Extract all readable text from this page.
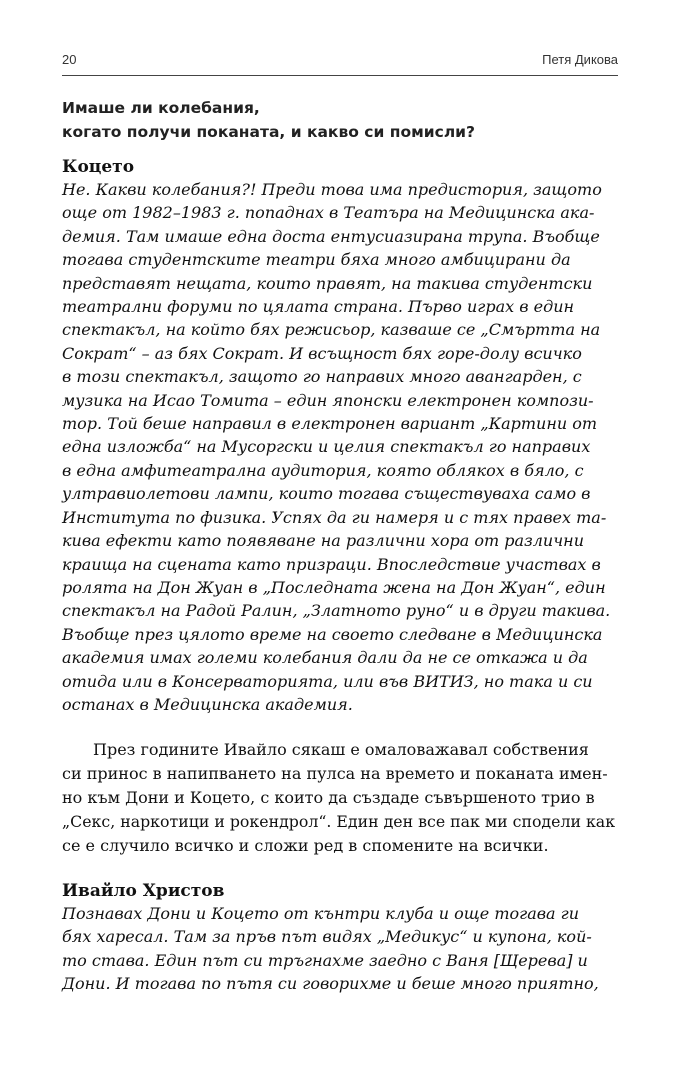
20	Петя Дикова
Имаше ли колебания,
когато получи поканата, и какво си помисли?
Коцето
Не. Какви колебания?! Преди това има предистория, защото
още от 1982–1983 г. попаднах в Театъра на Медицинска ака-
демия. Там имаше една доста ентусиазирана трупа. Въобще
тогава студентските театри бяха много амбицирани да
представят нещата, които правят, на такива студентски
театрални форуми по цялата страна. Първо играх в един
спектакъл, на който бях режисьор, казваше се „Смъртта на
Сократ“ – аз бях Сократ. И всъщност бях горе-долу всичко
в този спектакъл, защото го направих много авангарден, с
музика на Исао Томита – един японски електронен компози-
тор. Той беше направил в електронен вариант „Картини от
една изложба“ на Мусоргски и целия спектакъл го направих
в една амфитеатрална аудитория, която облякох в бяло, с
ултравиолетови лампи, които тогава съществуваха само в
Института по физика. Успях да ги намеря и с тях правех та-
кива ефекти като появяване на различни хора от различни
краища на сцената като призраци. Впоследствие участвах в
ролята на Дон Жуан в „Последната жена на Дон Жуан“, един
спектакъл на Радой Ралин, „Златното руно“ и в други такива.
Въобще през цялото време на своето следване в Медицинска
академия имах големи колебания дали да не се откажа и да
отида или в Консерваторията, или във ВИТИЗ, но така и си
останах в Медицинска академия.
През годините Ивайло сякаш е омаловажавал собствения
си принос в напипването на пулса на времето и поканата имен-
но към Дони и Коцето, с които да създаде съвършеното трио в
„Секс, наркотици и рокендрол“. Един ден все пак ми сподели как
се е случило всичко и сложи ред в спомените на всички.
Ивайло Христов
Познавах Дони и Коцето от кънтри клуба и още тогава ги
бях харесал. Там за пръв път видях „Медикус“ и купона, кой-
то става. Един път си тръгнахме заедно с Ваня [Щерева] и
Дони. И тогава по пътя си говорихме и беше много приятно,
